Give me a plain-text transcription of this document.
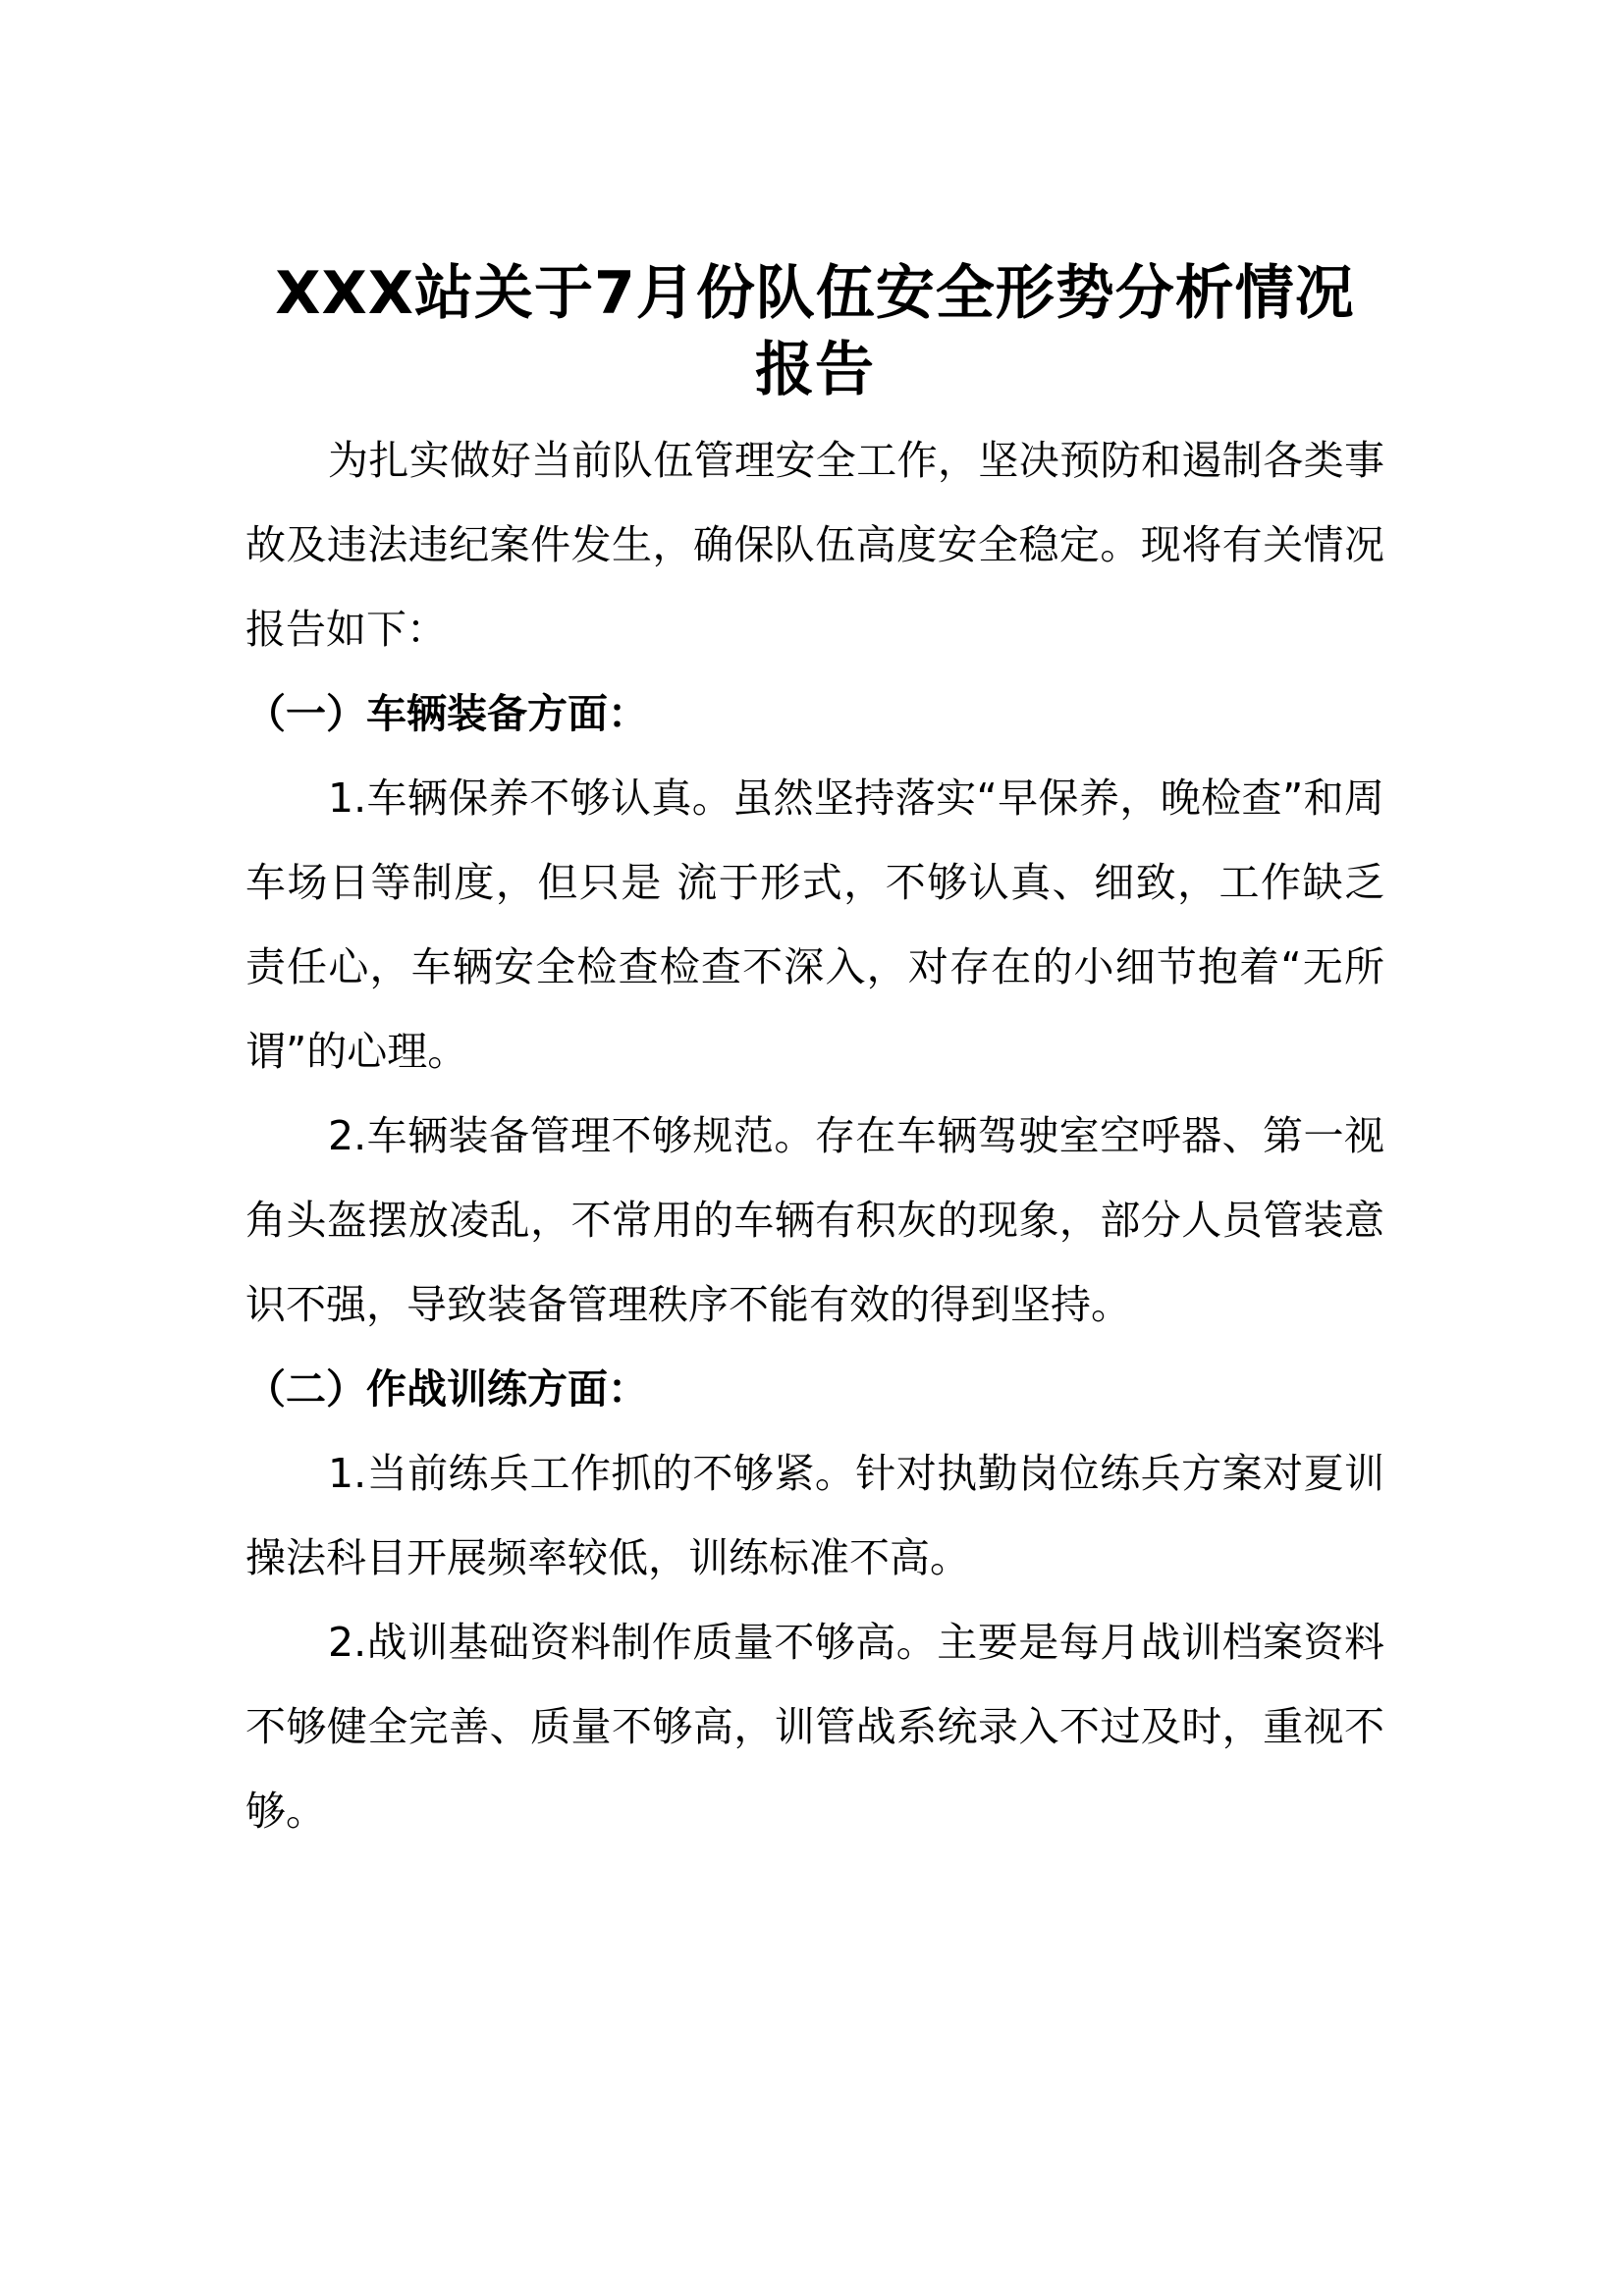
XXX站关于7月份队伍安全形势分析情况报告

为扎实做好当前队伍管理安全工作，坚决预防和遏制各类事故及违法违纪案件发生，确保队伍高度安全稳定。现将有关情况报告如下：

（一）车辆装备方面：

1.车辆保养不够认真。虽然坚持落实“早保养，晚检查”和周车场日等制度，但只是 流于形式，不够认真、细致，工作缺乏责任心，车辆安全检查检查不深入，对存在的小细节抱着“无所谓”的心理。

2.车辆装备管理不够规范。存在车辆驾驶室空呼器、第一视角头盔摆放凌乱，不常用的车辆有积灰的现象，部分人员管装意识不强，导致装备管理秩序不能有效的得到坚持。

（二）作战训练方面：

1.当前练兵工作抓的不够紧。针对执勤岗位练兵方案对夏训操法科目开展频率较低，训练标准不高。

2.战训基础资料制作质量不够高。主要是每月战训档案资料不够健全完善、质量不够高，训管战系统录入不过及时，重视不够。
